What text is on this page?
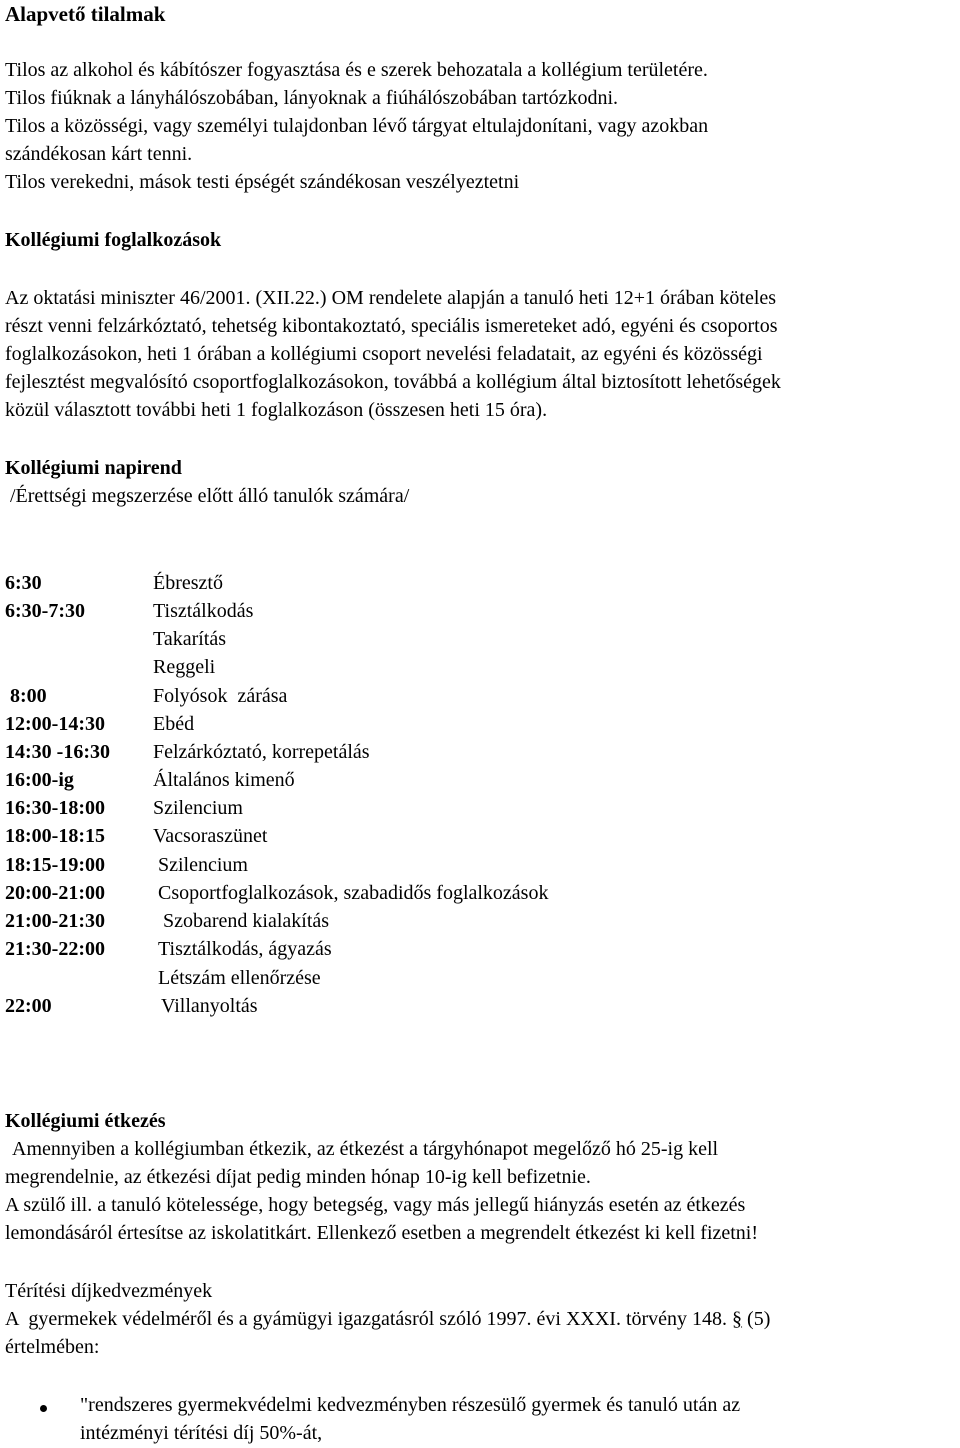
Alapvető tilalmak
Tilos az alkohol és kábítószer fogyasztása és e szerek behozatala a kollégium területére.
Tilos fiúknak a lányhálószobában, lányoknak a fiúhálószobában tartózkodni.
Tilos a közösségi, vagy személyi tulajdonban lévő tárgyat eltulajdonítani, vagy azokban
szándékosan kárt tenni.
Tilos verekedni, mások testi épségét szándékosan veszélyeztetni
Kollégiumi foglalkozások
Az oktatási miniszter 46/2001. (XII.22.) OM rendelete alapján a tanuló heti 12+1 órában köteles
részt venni felzárkóztató, tehetség kibontakoztató, speciális ismereteket adó, egyéni és csoportos
foglalkozásokon, heti 1 órában a kollégiumi csoport nevelési feladatait, az egyéni és közösségi
fejlesztést megvalósító csoportfoglalkozásokon, továbbá a kollégium által biztosított lehetőségek
közül választott további heti 1 foglalkozáson (összesen heti 15 óra).
Kollégiumi napirend
/Érettségi megszerzése előtt álló tanulók számára/
6:30	Ébresztő
6:30-7:30	Tisztálkodás
Takarítás
Reggeli
8:00	Folyósok  zárása
12:00-14:30 Ebéd
14:30 -16:30 Felzárkóztató, korrepetálás
16:00-ig	Általános kimenő
16:30-18:00 Szilencium
18:00-18:15 Vacsoraszünet
18:15-19:00	Szilencium
20:00-21:00	Csoportfoglalkozások, szabadidős foglalkozások
21:00-21:30	Szobarend kialakítás
21:30-22:00	Tisztálkodás, ágyazás
Létszám ellenőrzése
22:00	Villanyoltás
Kollégiumi étkezés
Amennyiben a kollégiumban étkezik, az étkezést a tárgyhónapot megelőző hó 25-ig kell
megrendelnie, az étkezési díjat pedig minden hónap 10-ig kell befizetnie.
A szülő ill. a tanuló kötelessége, hogy betegség, vagy más jellegű hiányzás esetén az étkezés
lemondásáról értesítse az iskolatitkárt. Ellenkező esetben a megrendelt étkezést ki kell fizetni!
Térítési díjkedvezmények
A  gyermekek védelméről és a gyámügyi igazgatásról szóló 1997. évi XXXI. törvény 148. § (5)
értelmében:
"rendszeres gyermekvédelmi kedvezményben részesülő gyermek és tanuló után az
intézményi térítési díj 50%-át,
